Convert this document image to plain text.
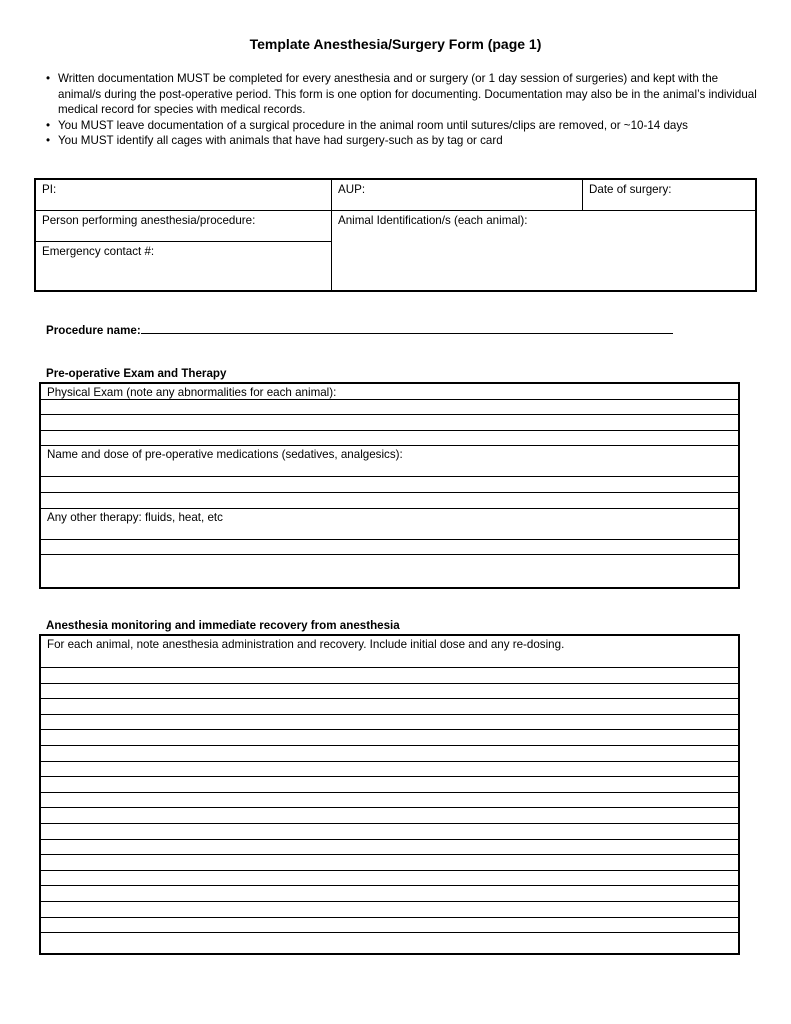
Template Anesthesia/Surgery Form (page 1)
• Written documentation MUST be completed for every anesthesia and or surgery (or 1 day session of surgeries) and kept with the animal/s during the post-operative period. This form is one option for documenting. Documentation may also be in the animal’s individual medical record for species with medical records.
• You MUST leave documentation of a surgical procedure in the animal room until sutures/clips are removed, or ~10-14 days
• You MUST identify all cages with animals that have had surgery-such as by tag or card
PI:	AUP:	Date of surgery:
Person performing anesthesia/procedure:	Animal Identification/s (each animal):
Emergency contact #:
Procedure name:
Pre-operative Exam and Therapy
Physical Exam (note any abnormalities for each animal):
Name and dose of pre-operative medications (sedatives, analgesics):
Any other therapy: fluids, heat, etc
Anesthesia monitoring and immediate recovery from anesthesia
For each animal, note anesthesia administration and recovery. Include initial dose and any re-dosing.
